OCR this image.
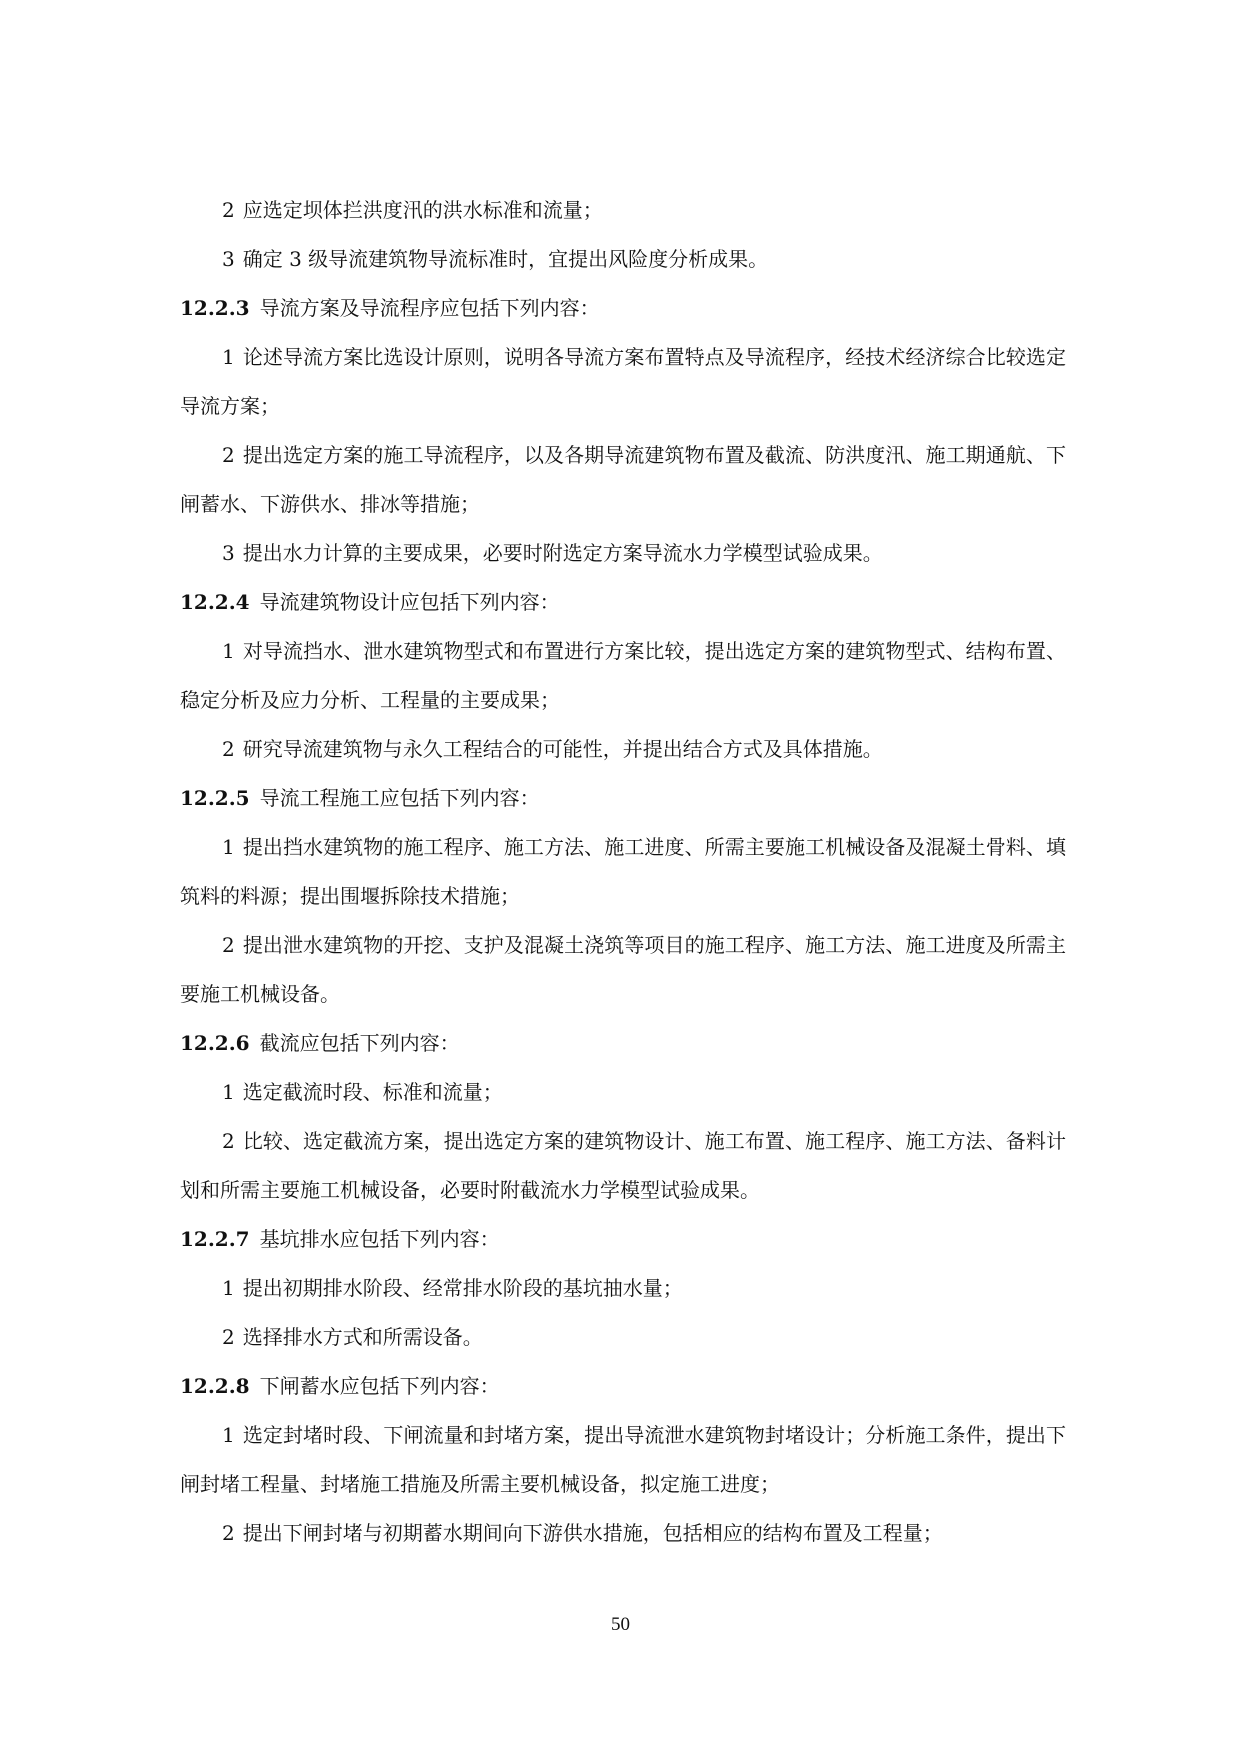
2 应选定坝体拦洪度汛的洪水标准和流量；

3 确定 3 级导流建筑物导流标准时，宜提出风险度分析成果。

12.2.3 导流方案及导流程序应包括下列内容：

1 论述导流方案比选设计原则，说明各导流方案布置特点及导流程序，经技术经济综合比较选定导流方案；

2 提出选定方案的施工导流程序，以及各期导流建筑物布置及截流、防洪度汛、施工期通航、下闸蓄水、下游供水、排冰等措施；

3 提出水力计算的主要成果，必要时附选定方案导流水力学模型试验成果。

12.2.4 导流建筑物设计应包括下列内容：

1 对导流挡水、泄水建筑物型式和布置进行方案比较，提出选定方案的建筑物型式、结构布置、稳定分析及应力分析、工程量的主要成果；

2 研究导流建筑物与永久工程结合的可能性，并提出结合方式及具体措施。

12.2.5 导流工程施工应包括下列内容：

1 提出挡水建筑物的施工程序、施工方法、施工进度、所需主要施工机械设备及混凝土骨料、填筑料的料源；提出围堰拆除技术措施；

2 提出泄水建筑物的开挖、支护及混凝土浇筑等项目的施工程序、施工方法、施工进度及所需主要施工机械设备。

12.2.6 截流应包括下列内容：

1 选定截流时段、标准和流量；

2 比较、选定截流方案，提出选定方案的建筑物设计、施工布置、施工程序、施工方法、备料计划和所需主要施工机械设备，必要时附截流水力学模型试验成果。

12.2.7 基坑排水应包括下列内容：

1 提出初期排水阶段、经常排水阶段的基坑抽水量；

2 选择排水方式和所需设备。

12.2.8 下闸蓄水应包括下列内容：

1 选定封堵时段、下闸流量和封堵方案，提出导流泄水建筑物封堵设计；分析施工条件，提出下闸封堵工程量、封堵施工措施及所需主要机械设备，拟定施工进度；

2 提出下闸封堵与初期蓄水期间向下游供水措施，包括相应的结构布置及工程量；

50
